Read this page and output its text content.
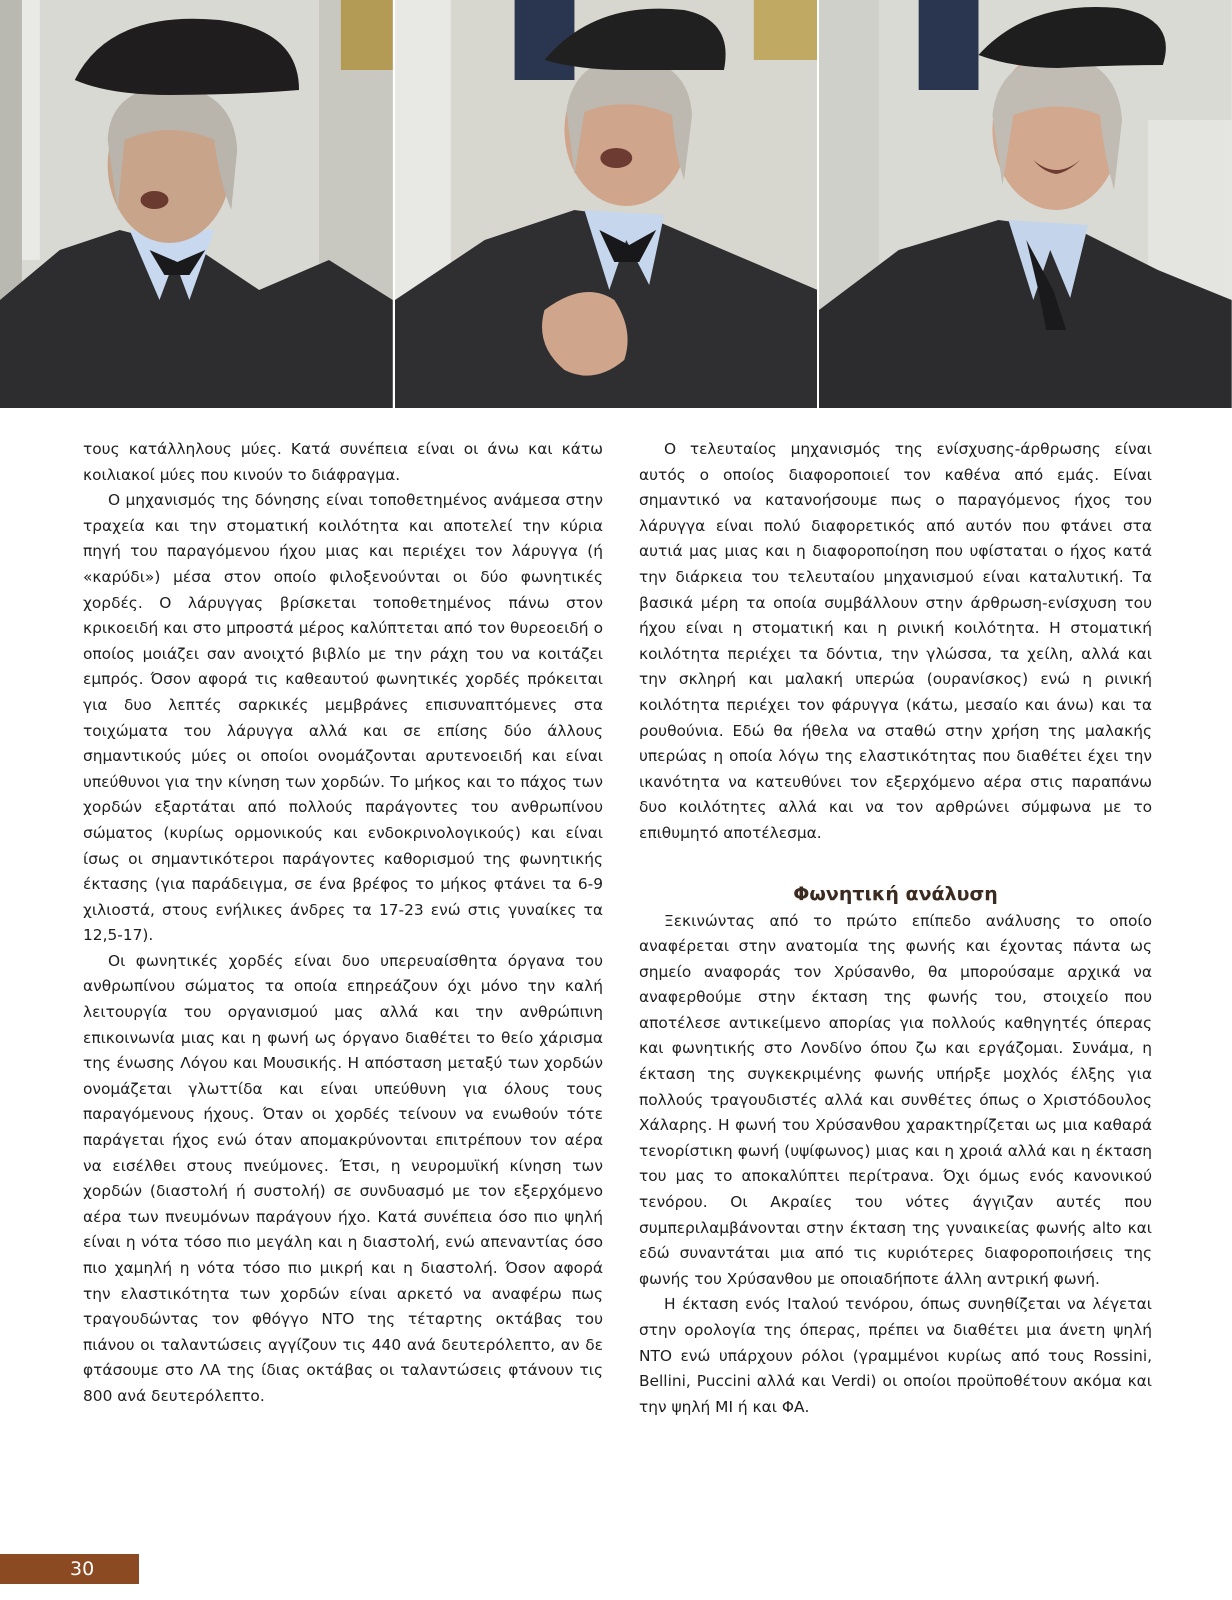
τους κατάλληλους μύες. Κατά συνέπεια είναι οι άνω και κάτω κοιλιακοί μύες που κινούν το διάφραγμα.

Ο μηχανισμός της δόνησης είναι τοποθετημένος ανάμεσα στην τραχεία και την στοματική κοιλότητα και αποτελεί την κύρια πηγή του παραγόμενου ήχου μιας και περιέχει τον λάρυγγα (ή «καρύδι») μέσα στον οποίο φιλοξενούνται οι δύο φωνητικές χορδές. Ο λάρυγγας βρίσκεται τοποθετημένος πάνω στον κρικοειδή και στο μπροστά μέρος καλύπτεται από τον θυρεοειδή ο οποίος μοιάζει σαν ανοιχτό βιβλίο με την ράχη του να κοιτάζει εμπρός. Όσον αφορά τις καθεαυτού φωνητικές χορδές πρόκειται για δυο λεπτές σαρκικές μεμβράνες επισυναπτόμενες στα τοιχώματα του λάρυγγα αλλά και σε επίσης δύο άλλους σημαντικούς μύες οι οποίοι ονομάζονται αρυτενοειδή και είναι υπεύθυνοι για την κίνηση των χορδών. Το μήκος και το πάχος των χορδών εξαρτάται από πολλούς παράγοντες του ανθρωπίνου σώματος (κυρίως ορμονικούς και ενδοκρινολογικούς) και είναι ίσως οι σημαντικότεροι παράγοντες καθορισμού της φωνητικής έκτασης (για παράδειγμα, σε ένα βρέφος το μήκος φτάνει τα 6-9 χιλιοστά, στους ενήλικες άνδρες τα 17-23 ενώ στις γυναίκες τα 12,5-17).

Οι φωνητικές χορδές είναι δυο υπερευαίσθητα όργανα του ανθρωπίνου σώματος τα οποία επηρεάζουν όχι μόνο την καλή λειτουργία του οργανισμού μας αλλά και την ανθρώπινη επικοινωνία μιας και η φωνή ως όργανο διαθέτει το θείο χάρισμα της ένωσης Λόγου και Μουσικής. Η απόσταση μεταξύ των χορδών ονομάζεται γλωττίδα και είναι υπεύθυνη για όλους τους παραγόμενους ήχους. Όταν οι χορδές τείνουν να ενωθούν τότε παράγεται ήχος ενώ όταν απομακρύνονται επιτρέπουν τον αέρα να εισέλθει στους πνεύμονες. Έτσι, η νευρομυϊκή κίνηση των χορδών (διαστολή ή συστολή) σε συνδυασμό με τον εξερχόμενο αέρα των πνευμόνων παράγουν ήχο. Κατά συνέπεια όσο πιο ψηλή είναι η νότα τόσο πιο μεγάλη και η διαστολή, ενώ απεναντίας όσο πιο χαμηλή η νότα τόσο πιο μικρή και η διαστολή. Όσον αφορά την ελαστικότητα των χορδών είναι αρκετό να αναφέρω πως τραγουδώντας τον φθόγγο ΝΤΟ της τέταρτης οκτάβας του πιάνου οι ταλαντώσεις αγγίζουν τις 440 ανά δευτερόλεπτο, αν δε φτάσουμε στο ΛΑ της ίδιας οκτάβας οι ταλαντώσεις φτάνουν τις 800 ανά δευτερόλεπτο.

Ο τελευταίος μηχανισμός της ενίσχυσης-άρθρωσης είναι αυτός ο οποίος διαφοροποιεί τον καθένα από εμάς. Είναι σημαντικό να κατανοήσουμε πως ο παραγόμενος ήχος του λάρυγγα είναι πολύ διαφορετικός από αυτόν που φτάνει στα αυτιά μας μιας και η διαφοροποίηση που υφίσταται ο ήχος κατά την διάρκεια του τελευταίου μηχανισμού είναι καταλυτική. Τα βασικά μέρη τα οποία συμβάλλουν στην άρθρωση-ενίσχυση του ήχου είναι η στοματική και η ρινική κοιλότητα. Η στοματική κοιλότητα περιέχει τα δόντια, την γλώσσα, τα χείλη, αλλά και την σκληρή και μαλακή υπερώα (ουρανίσκος) ενώ η ρινική κοιλότητα περιέχει τον φάρυγγα (κάτω, μεσαίο και άνω) και τα ρουθούνια. Εδώ θα ήθελα να σταθώ στην χρήση της μαλακής υπερώας η οποία λόγω της ελαστικότητας που διαθέτει έχει την ικανότητα να κατευθύνει τον εξερχόμενο αέρα στις παραπάνω δυο κοιλότητες αλλά και να τον αρθρώνει σύμφωνα με το επιθυμητό αποτέλεσμα.

Φωνητική ανάλυση

Ξεκινώντας από το πρώτο επίπεδο ανάλυσης το οποίο αναφέρεται στην ανατομία της φωνής και έχοντας πάντα ως σημείο αναφοράς τον Χρύσανθο, θα μπορούσαμε αρχικά να αναφερθούμε στην έκταση της φωνής του, στοιχείο που αποτέλεσε αντικείμενο απορίας για πολλούς καθηγητές όπερας και φωνητικής στο Λονδίνο όπου ζω και εργάζομαι. Συνάμα, η έκταση της συγκεκριμένης φωνής υπήρξε μοχλός έλξης για πολλούς τραγουδιστές αλλά και συνθέτες όπως ο Χριστόδουλος Χάλαρης. Η φωνή του Χρύσανθου χαρακτηρίζεται ως μια καθαρά τενορίστικη φωνή (υψίφωνος) μιας και η χροιά αλλά και η έκταση του μας το αποκαλύπτει περίτρανα. Όχι όμως ενός κανονικού τενόρου. Οι Ακραίες του νότες άγγιζαν αυτές που συμπεριλαμβάνονται στην έκταση της γυναικείας φωνής alto και εδώ συναντάται μια από τις κυριότερες διαφοροποιήσεις της φωνής του Χρύσανθου με οποιαδήποτε άλλη αντρική φωνή.

Η έκταση ενός Ιταλού τενόρου, όπως συνηθίζεται να λέγεται στην ορολογία της όπερας, πρέπει να διαθέτει μια άνετη ψηλή ΝΤΟ ενώ υπάρχουν ρόλοι (γραμμένοι κυρίως από τους Rossini, Bellini, Puccini αλλά και Verdi) οι οποίοι προϋποθέτουν ακόμα και την ψηλή ΜΙ ή και ΦΑ.

30
